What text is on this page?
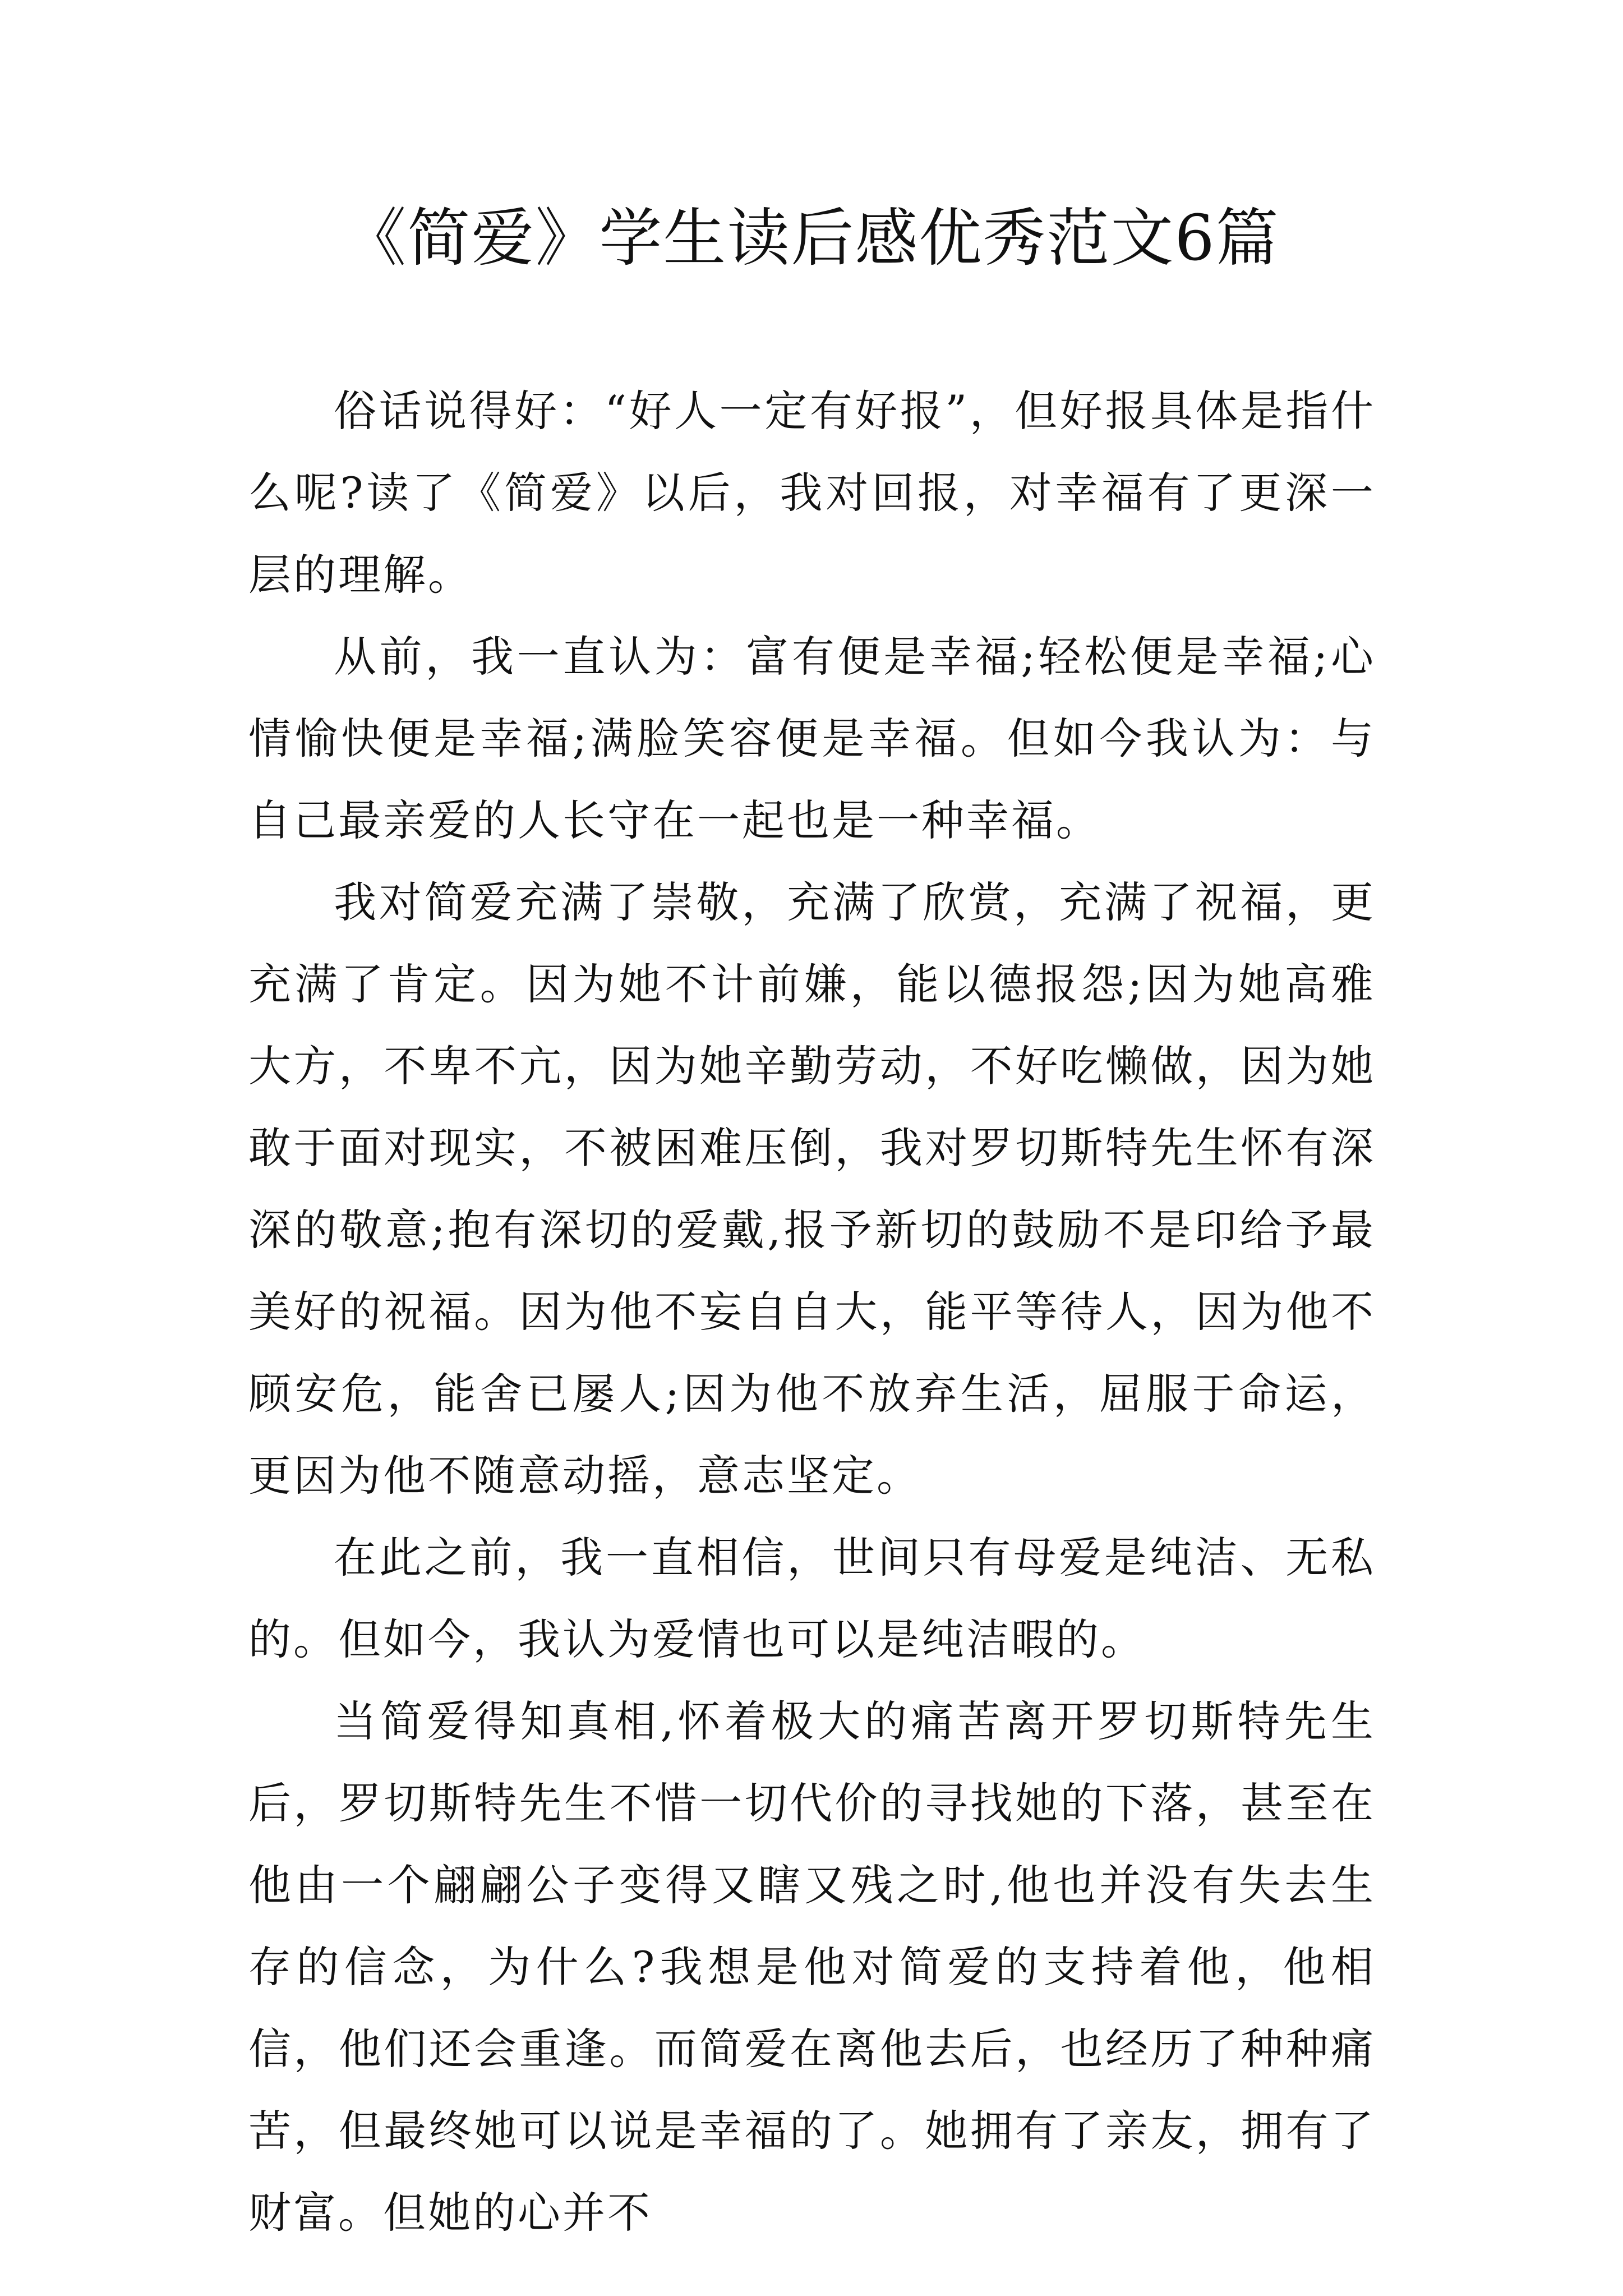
《简爱》学生读后感优秀范文6篇

俗话说得好：“好人一定有好报”，但好报具体是指什么呢?读了《简爱》以后，我对回报，对幸福有了更深一层的理解。

从前，我一直认为：富有便是幸福;轻松便是幸福;心情愉快便是幸福;满脸笑容便是幸福。但如今我认为：与自己最亲爱的人长守在一起也是一种幸福。

我对简爱充满了崇敬，充满了欣赏，充满了祝福，更充满了肯定。因为她不计前嫌，能以德报怨;因为她高雅大方，不卑不亢，因为她辛勤劳动，不好吃懒做，因为她敢于面对现实，不被困难压倒，我对罗切斯特先生怀有深深的敬意;抱有深切的爱戴,报予新切的鼓励不是印给予最美好的祝福。因为他不妄自自大，能平等待人，因为他不顾安危，能舍已屡人;因为他不放弃生活，屈服于命运，更因为他不随意动摇，意志坚定。

在此之前，我一直相信，世间只有母爱是纯洁、无私的。但如今，我认为爱情也可以是纯洁暇的。

当简爱得知真相,怀着极大的痛苦离开罗切斯特先生后，罗切斯特先生不惜一切代价的寻找她的下落，甚至在他由一个翩翩公子变得又瞎又残之时,他也并没有失去生存的信念，为什么?我想是他对简爱的支持着他，他相信，他们还会重逢。而简爱在离他去后，也经历了种种痛苦，但最终她可以说是幸福的了。她拥有了亲友，拥有了财富。但她的心并不
